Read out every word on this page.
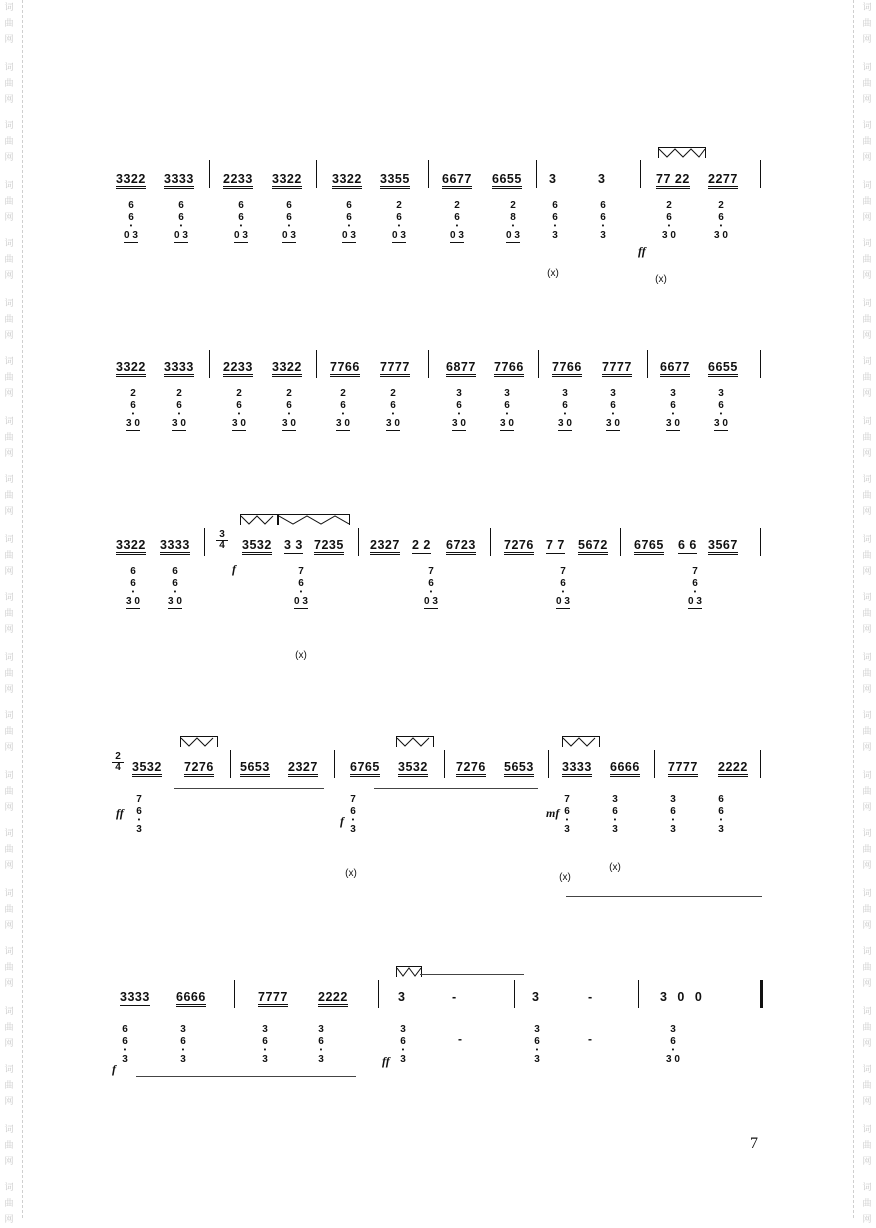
词
曲
网
词
曲
网
词
曲
网
词
曲
网
词
曲
网
词
曲
网
词
曲
网
词
曲
网
词
曲
网
词
曲
网
词
曲
网
词
曲
网
词
曲
网
词
曲
网
词
曲
网
词
曲
网
词
曲
网
词
曲
网
词
曲
网
词
曲
网
词
曲
网
词
曲
网
词
曲
网
词
曲
网
词
曲
网
词
曲
网
词
曲
网
词
曲
网
词
曲
网
词
曲
网
词
曲
网
词
曲
网
词
曲
网
词
曲
网
词
曲
网
词
曲
网
词
曲
网
词
曲
网
词
曲
网
词
曲
网
词
曲
网
词
曲
网
3322 3333 2233 3322 3322 3355	6677 6655 3	3	77 22 2277
6
6
•
0 3
6
6
•
0 3
6
6
•
0 3
6
6
•
0 3
6
6
•
0 3
2
6
•
0 3
2
6
•
0 3
2
8
•
0 3
6
6
•
3
6
6
•
3
2
6
•
3 0
2
6
•
3 0
ff
(x)
(x)
3322 3333 2233 3322 7766 7777	6877 7766 7766 7777 6677 6655
2
6
•
3 0
2
6
•
3 0
2
6
•
3 0
2
6
•
3 0
2
6
•
3 0
2
6
•
3 0
3
6
•
3 0
3
6
•
3 0
3
6
•
3 0
3
6
•
3 0
3
6
•
3 0
3
6
•
3 0
3
4
3322 3333	3532 3 3 7235 2327 2 2 6723 7276 7 7 5672 6765 6 6 3567
f
6
6
•
3 0
6
6
•
3 0
7
6
•
0 3
7
6
•
0 3
7
6
•
0 3
7
6
•
0 3
(x)
2
4 3532 7276 5653 2327	6765 3532 7276 5653 3333 6666 7777 2222
ff
f
mf
7
6
•
3
7
6
•
3
7
6
•
3
3
6
•
3
3
6
•
3
6
6
•
3
(x)	(x)
(x)
3333 6666	7777 2222	3	-	3	-	3 0 0
6
6
•
3
3
6
•
3
3
6
•
3
3
6
•
3
3
6
•
3
3
6
•
3
3
6
•
3 0
-	-
f
ff
7
